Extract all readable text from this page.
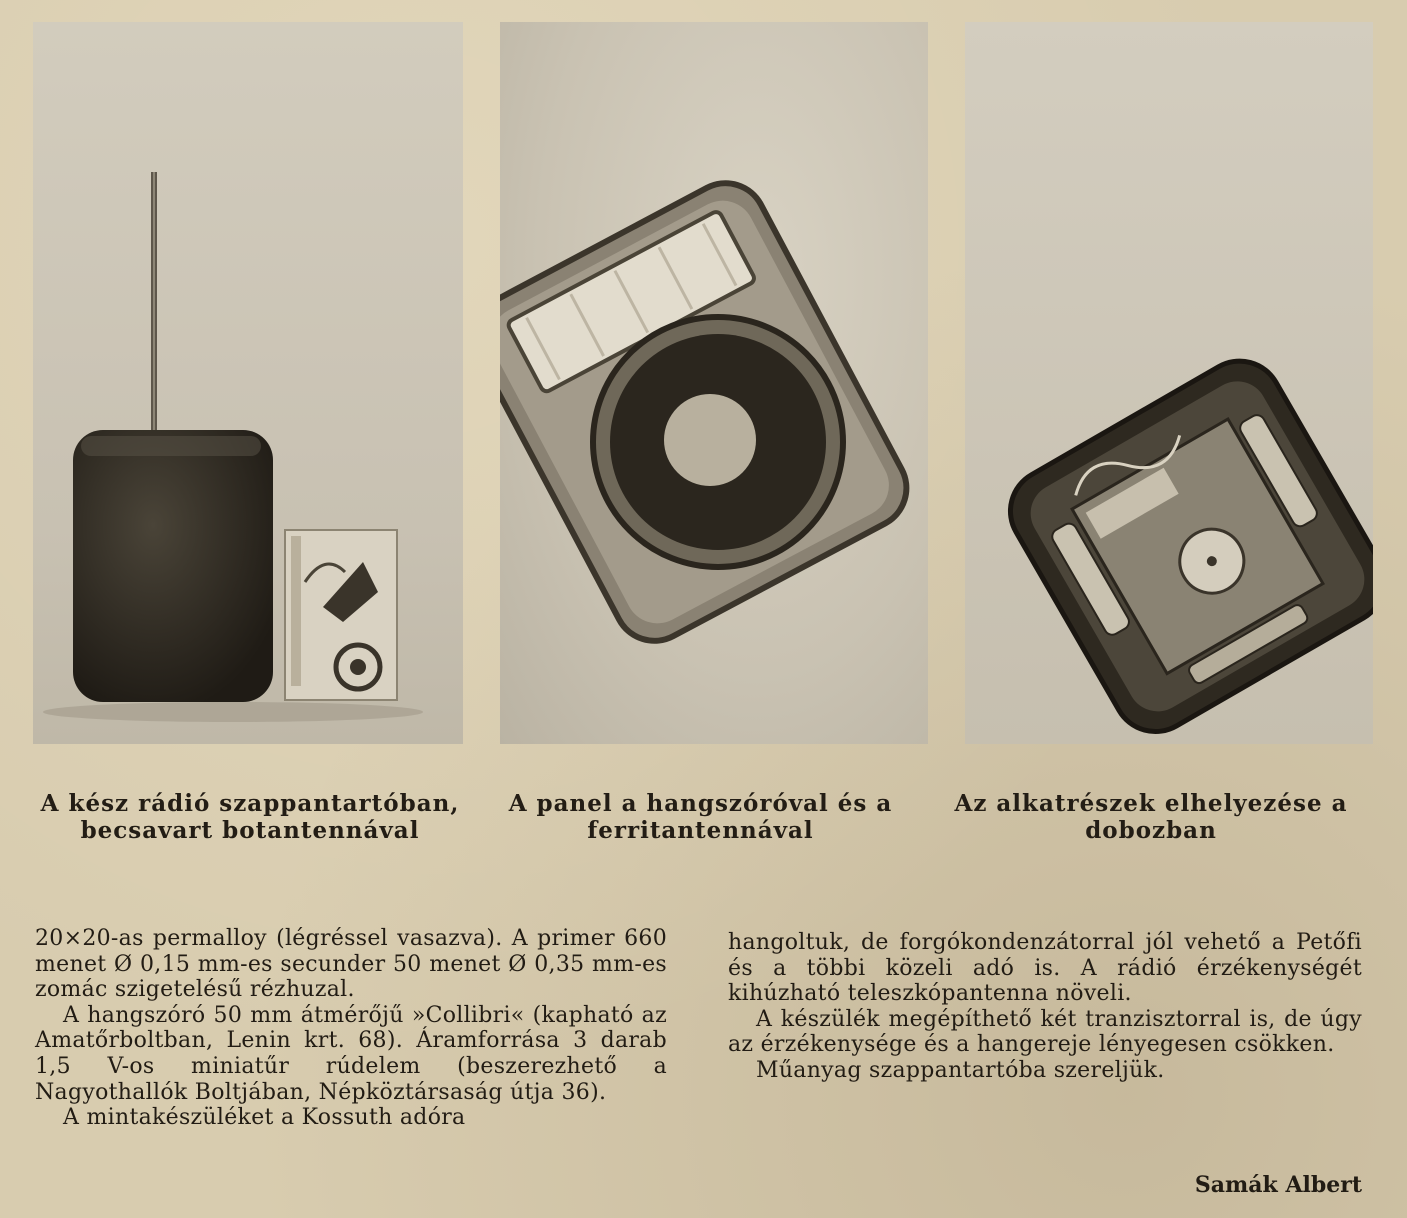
A kész rádió szappantartóban, becsavart botantennával
A panel a hangszóróval és a ferritantennával
Az alkatrészek elhelyezése a dobozban

20×20-as permalloy (légréssel vasazva). A primer 660 menet Ø 0,15 mm-es secunder 50 menet Ø 0,35 mm-es zomác szigetelésű rézhuzal.

A hangszóró 50 mm átmérőjű »Collibri« (kapható az Amatőrboltban, Lenin krt. 68). Áramforrása 3 darab 1,5 V-os miniatűr rúdelem (beszerezhető a Nagyothallók Boltjában, Népköztársaság útja 36).

A mintakészüléket a Kossuth adóra

hangoltuk, de forgókondenzátorral jól vehető a Petőfi és a többi közeli adó is. A rádió érzékenységét kihúzható teleszkópantenna növeli.

A készülék megépíthető két tranzisztorral is, de úgy az érzékenysége és a hangereje lényegesen csökken.

Műanyag szappantartóba szereljük.

Samák Albert
